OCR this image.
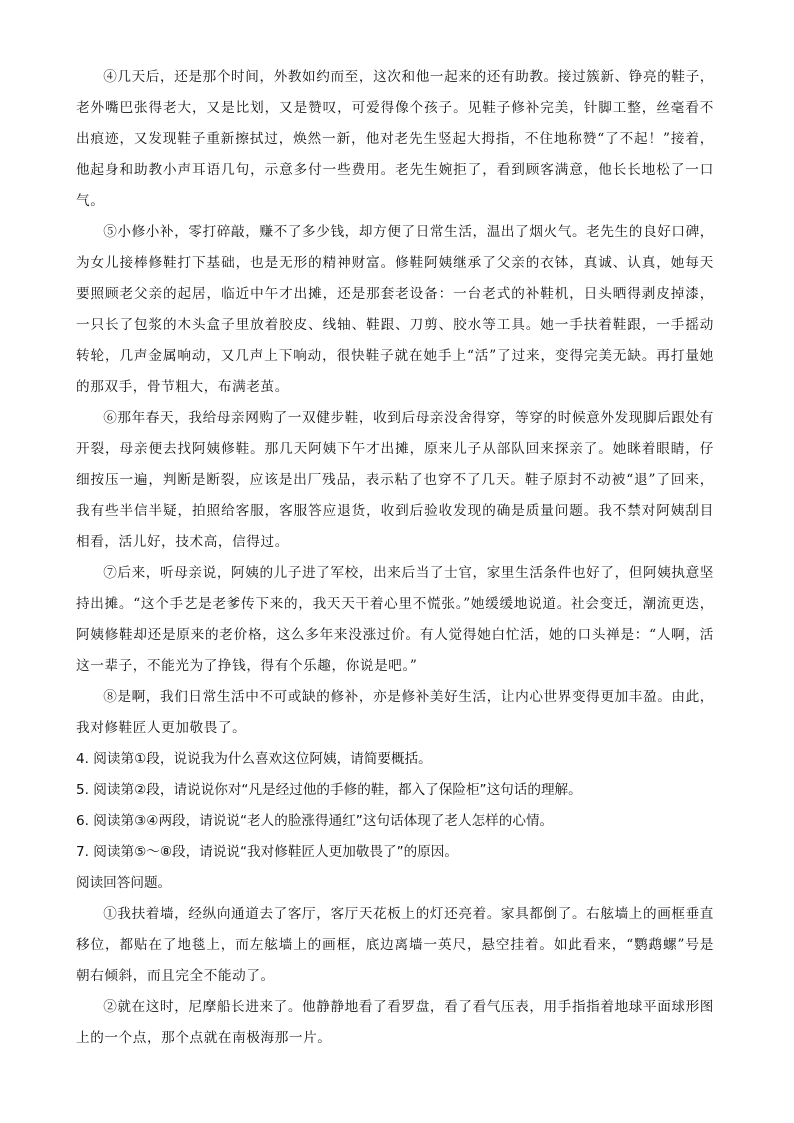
④几天后，还是那个时间，外教如约而至，这次和他一起来的还有助教。接过簇新、铮亮的鞋子，老外嘴巴张得老大，又是比划，又是赞叹，可爱得像个孩子。见鞋子修补完美，针脚工整，丝毫看不出痕迹，又发现鞋子重新擦拭过，焕然一新，他对老先生竖起大拇指，不住地称赞“了不起！”接着，他起身和助教小声耳语几句，示意多付一些费用。老先生婉拒了，看到顾客满意，他长长地松了一口气。

⑤小修小补，零打碎敲，赚不了多少钱，却方便了日常生活，温出了烟火气。老先生的良好口碑，为女儿接棒修鞋打下基础，也是无形的精神财富。修鞋阿姨继承了父亲的衣钵，真诚、认真，她每天要照顾老父亲的起居，临近中午才出摊，还是那套老设备：一台老式的补鞋机，日头晒得剥皮掉漆，一只长了包浆的木头盒子里放着胶皮、线轴、鞋跟、刀剪、胶水等工具。她一手扶着鞋跟，一手摇动转轮，几声金属响动，又几声上下响动，很快鞋子就在她手上“活”了过来，变得完美无缺。再打量她的那双手，骨节粗大，布满老茧。

⑥那年春天，我给母亲网购了一双健步鞋，收到后母亲没舍得穿，等穿的时候意外发现脚后跟处有开裂，母亲便去找阿姨修鞋。那几天阿姨下午才出摊，原来儿子从部队回来探亲了。她眯着眼睛，仔细按压一遍，判断是断裂，应该是出厂残品，表示粘了也穿不了几天。鞋子原封不动被“退”了回来，我有些半信半疑，拍照给客服，客服答应退货，收到后验收发现的确是质量问题。我不禁对阿姨刮目相看，活儿好，技术高，信得过。

⑦后来，听母亲说，阿姨的儿子进了军校，出来后当了士官，家里生活条件也好了，但阿姨执意坚持出摊。“这个手艺是老爹传下来的，我天天干着心里不慌张。”她缓缓地说道。社会变迁，潮流更迭，阿姨修鞋却还是原来的老价格，这么多年来没涨过价。有人觉得她白忙活，她的口头禅是：“人啊，活这一辈子，不能光为了挣钱，得有个乐趣，你说是吧。”

⑧是啊，我们日常生活中不可或缺的修补，亦是修补美好生活，让内心世界变得更加丰盈。由此，我对修鞋匠人更加敬畏了。

4. 阅读第①段，说说我为什么喜欢这位阿姨，请简要概括。

5. 阅读第②段，请说说你对“凡是经过他的手修的鞋，都入了保险柜”这句话的理解。

6. 阅读第③④两段，请说说“老人的脸涨得通红”这句话体现了老人怎样的心情。

7. 阅读第⑤～⑧段，请说说“我对修鞋匠人更加敬畏了”的原因。

阅读回答问题。

①我扶着墙，经纵向通道去了客厅，客厅天花板上的灯还亮着。家具都倒了。右舷墙上的画框垂直移位，都贴在了地毯上，而左舷墙上的画框，底边离墙一英尺，悬空挂着。如此看来，“鹦鹉螺”号是朝右倾斜，而且完全不能动了。

②就在这时，尼摩船长进来了。他静静地看了看罗盘，看了看气压表，用手指指着地球平面球形图上的一个点，那个点就在南极海那一片。
